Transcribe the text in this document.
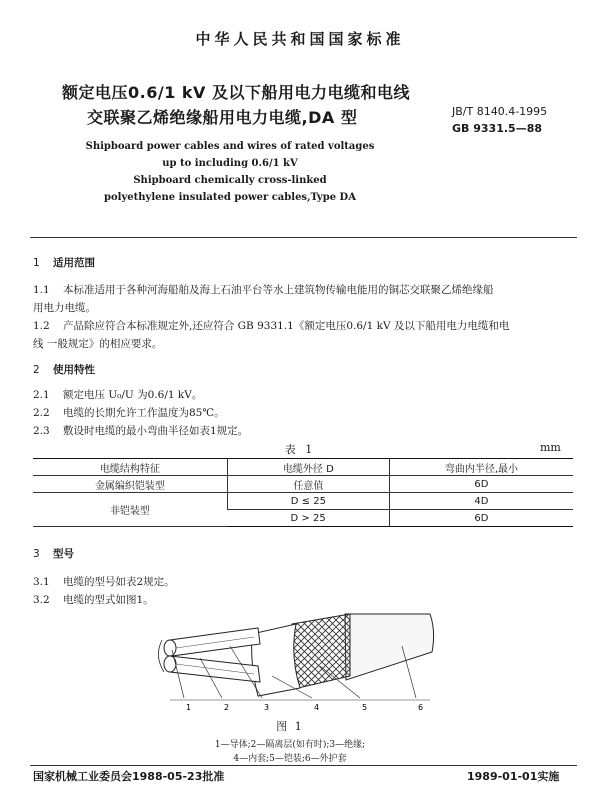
中华人民共和国国家标准
额定电压0.6/1 kV 及以下船用电力电缆和电线
交联聚乙烯绝缘船用电力电缆,DA 型	JB/T 8140.4-1995
GB 9331.5—88
Shipboard power cables and wires of rated voltages
up to including 0.6/1 kV
Shipboard chemically cross-linked
polyethylene insulated power cables,Type DA
1 适用范围
1.1 本标准适用于各种河海船舶及海上石油平台等水上建筑物传输电能用的铜芯交联聚乙烯绝缘船
用电力电缆。
1.2 产品除应符合本标准规定外,还应符合 GB 9331.1《额定电压0.6/1 kV 及以下船用电力电缆和电
线 一般规定》的相应要求。
2 使用特性
2.1 额定电压 U₀/U 为0.6/1 kV。
2.2 电缆的长期允许工作温度为85℃。
2.3 敷设时电缆的最小弯曲半径如表1规定。
表 1	mm
电缆结构特征	电缆外径 D	弯曲内半径,最小
金属编织铠装型	任意值	6D
非铠装型	D ≤ 25	4D
	D > 25	6D
3 型号
3.1 电缆的型号如表2规定。
3.2 电缆的型式如图1。
1	2	3	4	5	6
图 1
1—导体;2—隔离层(如有时);3—绝缘;
4—内套;5—铠装;6—外护套
国家机械工业委员会1988-05-23批准	1989-01-01实施
